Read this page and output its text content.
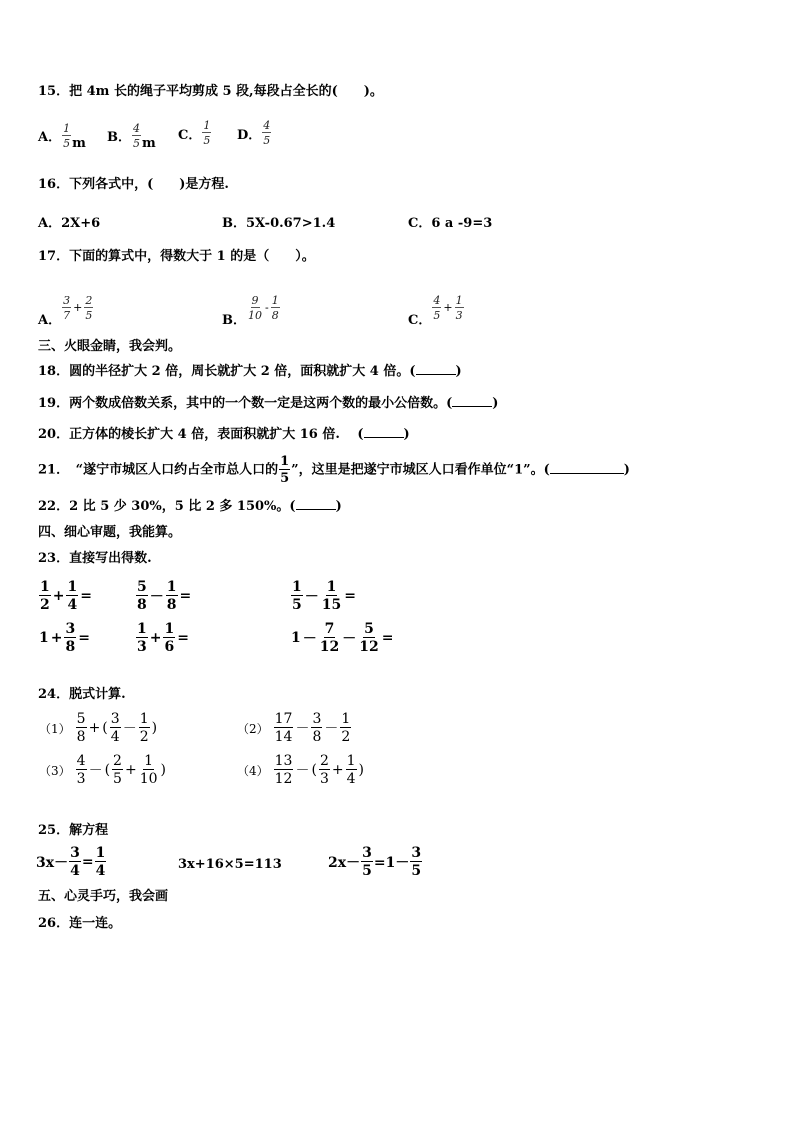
15．把 4m 长的绳子平均剪成 5 段,每段占全长的(　　)。
A． $\frac{1}{5}$ m B． $\frac{4}{5}$ m
C． $\frac{1}{5}$ D． $\frac{4}{5}$
16．下列各式中，(　　)是方程.
A．2X+6	B．5X-0.67>1.4	C．6 a -9=3
17．下面的算式中，得数大于 1 的是（　　）。
A． $\frac{3}{7} + \frac{2}{5}$	B． $\frac{9}{10} - \frac{1}{8}$	C． $\frac{4}{5} + \frac{1}{3}$
三、火眼金睛，我会判。
18．圆的半径扩大 2 倍，周长就扩大 2 倍，面积就扩大 4 倍。(	)
19．两个数成倍数关系，其中的一个数一定是这两个数的最小公倍数。(	)
20．正方体的棱长扩大 4 倍，表面积就扩大 16 倍.　 (	)
21．　“遂宁市城区人口约占全市总人口的 $\frac{1}{5}$ ”，这里是把遂宁市城区人口看作单位“1”。(	)
22．2 比 5 少 30%，5 比 2 多 150%。(	)
四、细心审题，我能算。
23．直接写出得数.
$\frac{1}{2} + \frac{1}{4}$ =	$\frac{5}{8} - \frac{1}{8}$ =	$\frac{1}{5} - \frac{1}{15}$ =
$1 + \frac{3}{8}$ =	$\frac{1}{3} + \frac{1}{6}$ =	$1 - \frac{7}{12} - \frac{5}{12}$ =
24．脱式计算.
$(1) \frac{5}{8}$ + ( $\frac{3}{4} - \frac{1}{2}$ )	$(2) \frac{17}{14} - \frac{3}{8} - \frac{1}{2}$
$(3) \frac{4}{3}$ － ( $\frac{2}{5} + \frac{1}{10}$ )	$(4) \frac{13}{12}$ － ( $\frac{2}{3} + \frac{1}{4}$ )
25．解方程
$3x- \frac{3}{4} = \frac{1}{4}$	3x+16×5=113	$2x- \frac{3}{5} =1- \frac{3}{5}$
五、心灵手巧，我会画
26．连一连。
